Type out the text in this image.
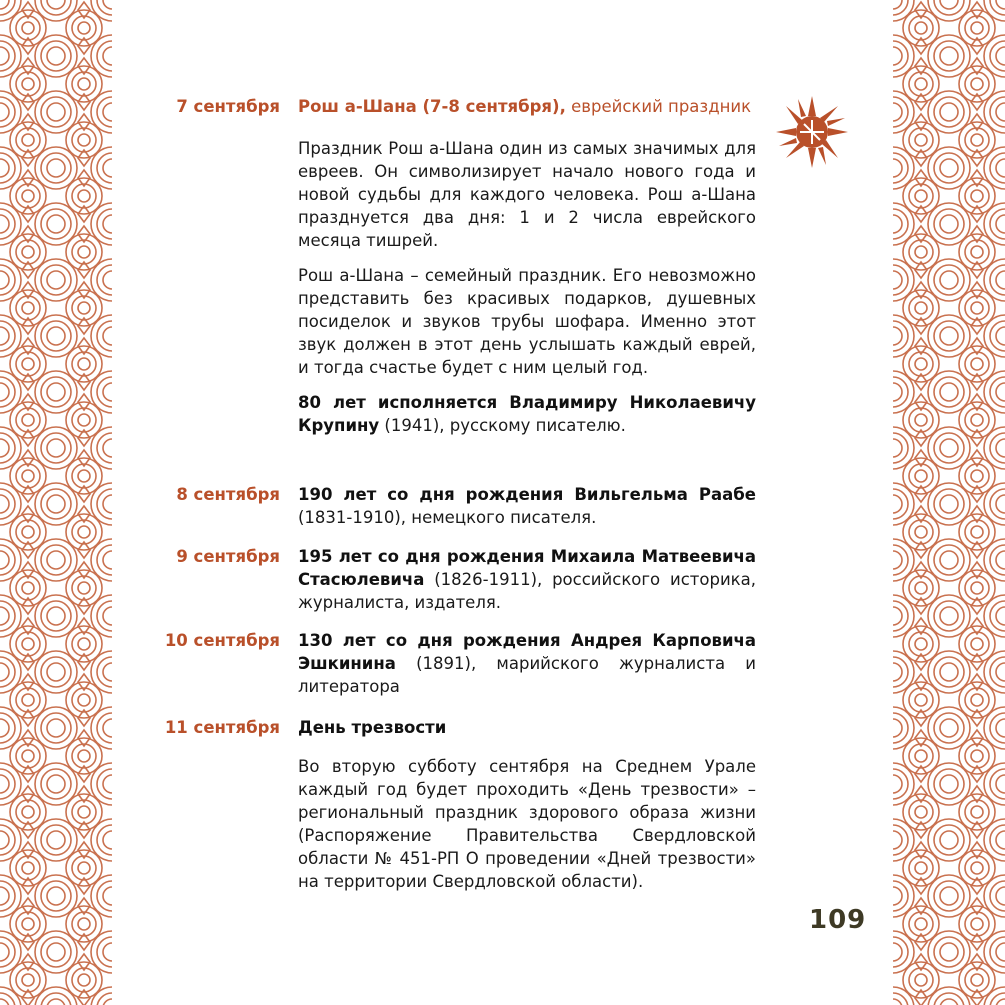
7 сентября Рош а-Шана (7-8 сентября), еврейский праздник

Праздник Рош а-Шана один из самых значимых для евреев. Он символизирует начало нового года и новой судьбы для каждого человека. Рош а-Шана празднуется два дня: 1 и 2 числа еврейского месяца тишрей.

Рош а-Шана – семейный праздник. Его невозможно представить без красивых подарков, душевных посиделок и звуков трубы шофара. Именно этот звук должен в этот день услышать каждый еврей, и тогда счастье будет с ним целый год.

80 лет исполняется Владимиру Николаевичу Крупину (1941), русскому писателю.

8 сентября 190 лет со дня рождения Вильгельма Раабе (1831-1910), немецкого писателя.

9 сентября 195 лет со дня рождения Михаила Матвеевича Стасюлевича (1826-1911), российского историка, журналиста, издателя.

10 сентября 130 лет со дня рождения Андрея Карповича Эшкинина (1891), марийского журналиста и литератора

11 сентября День трезвости

Во вторую субботу сентября на Среднем Урале каждый год будет проходить «День трезвости» – региональный праздник здорового образа жизни (Распоряжение Правительства Свердловской области № 451-РП О проведении «Дней трезвости» на территории Свердловской области).

109
